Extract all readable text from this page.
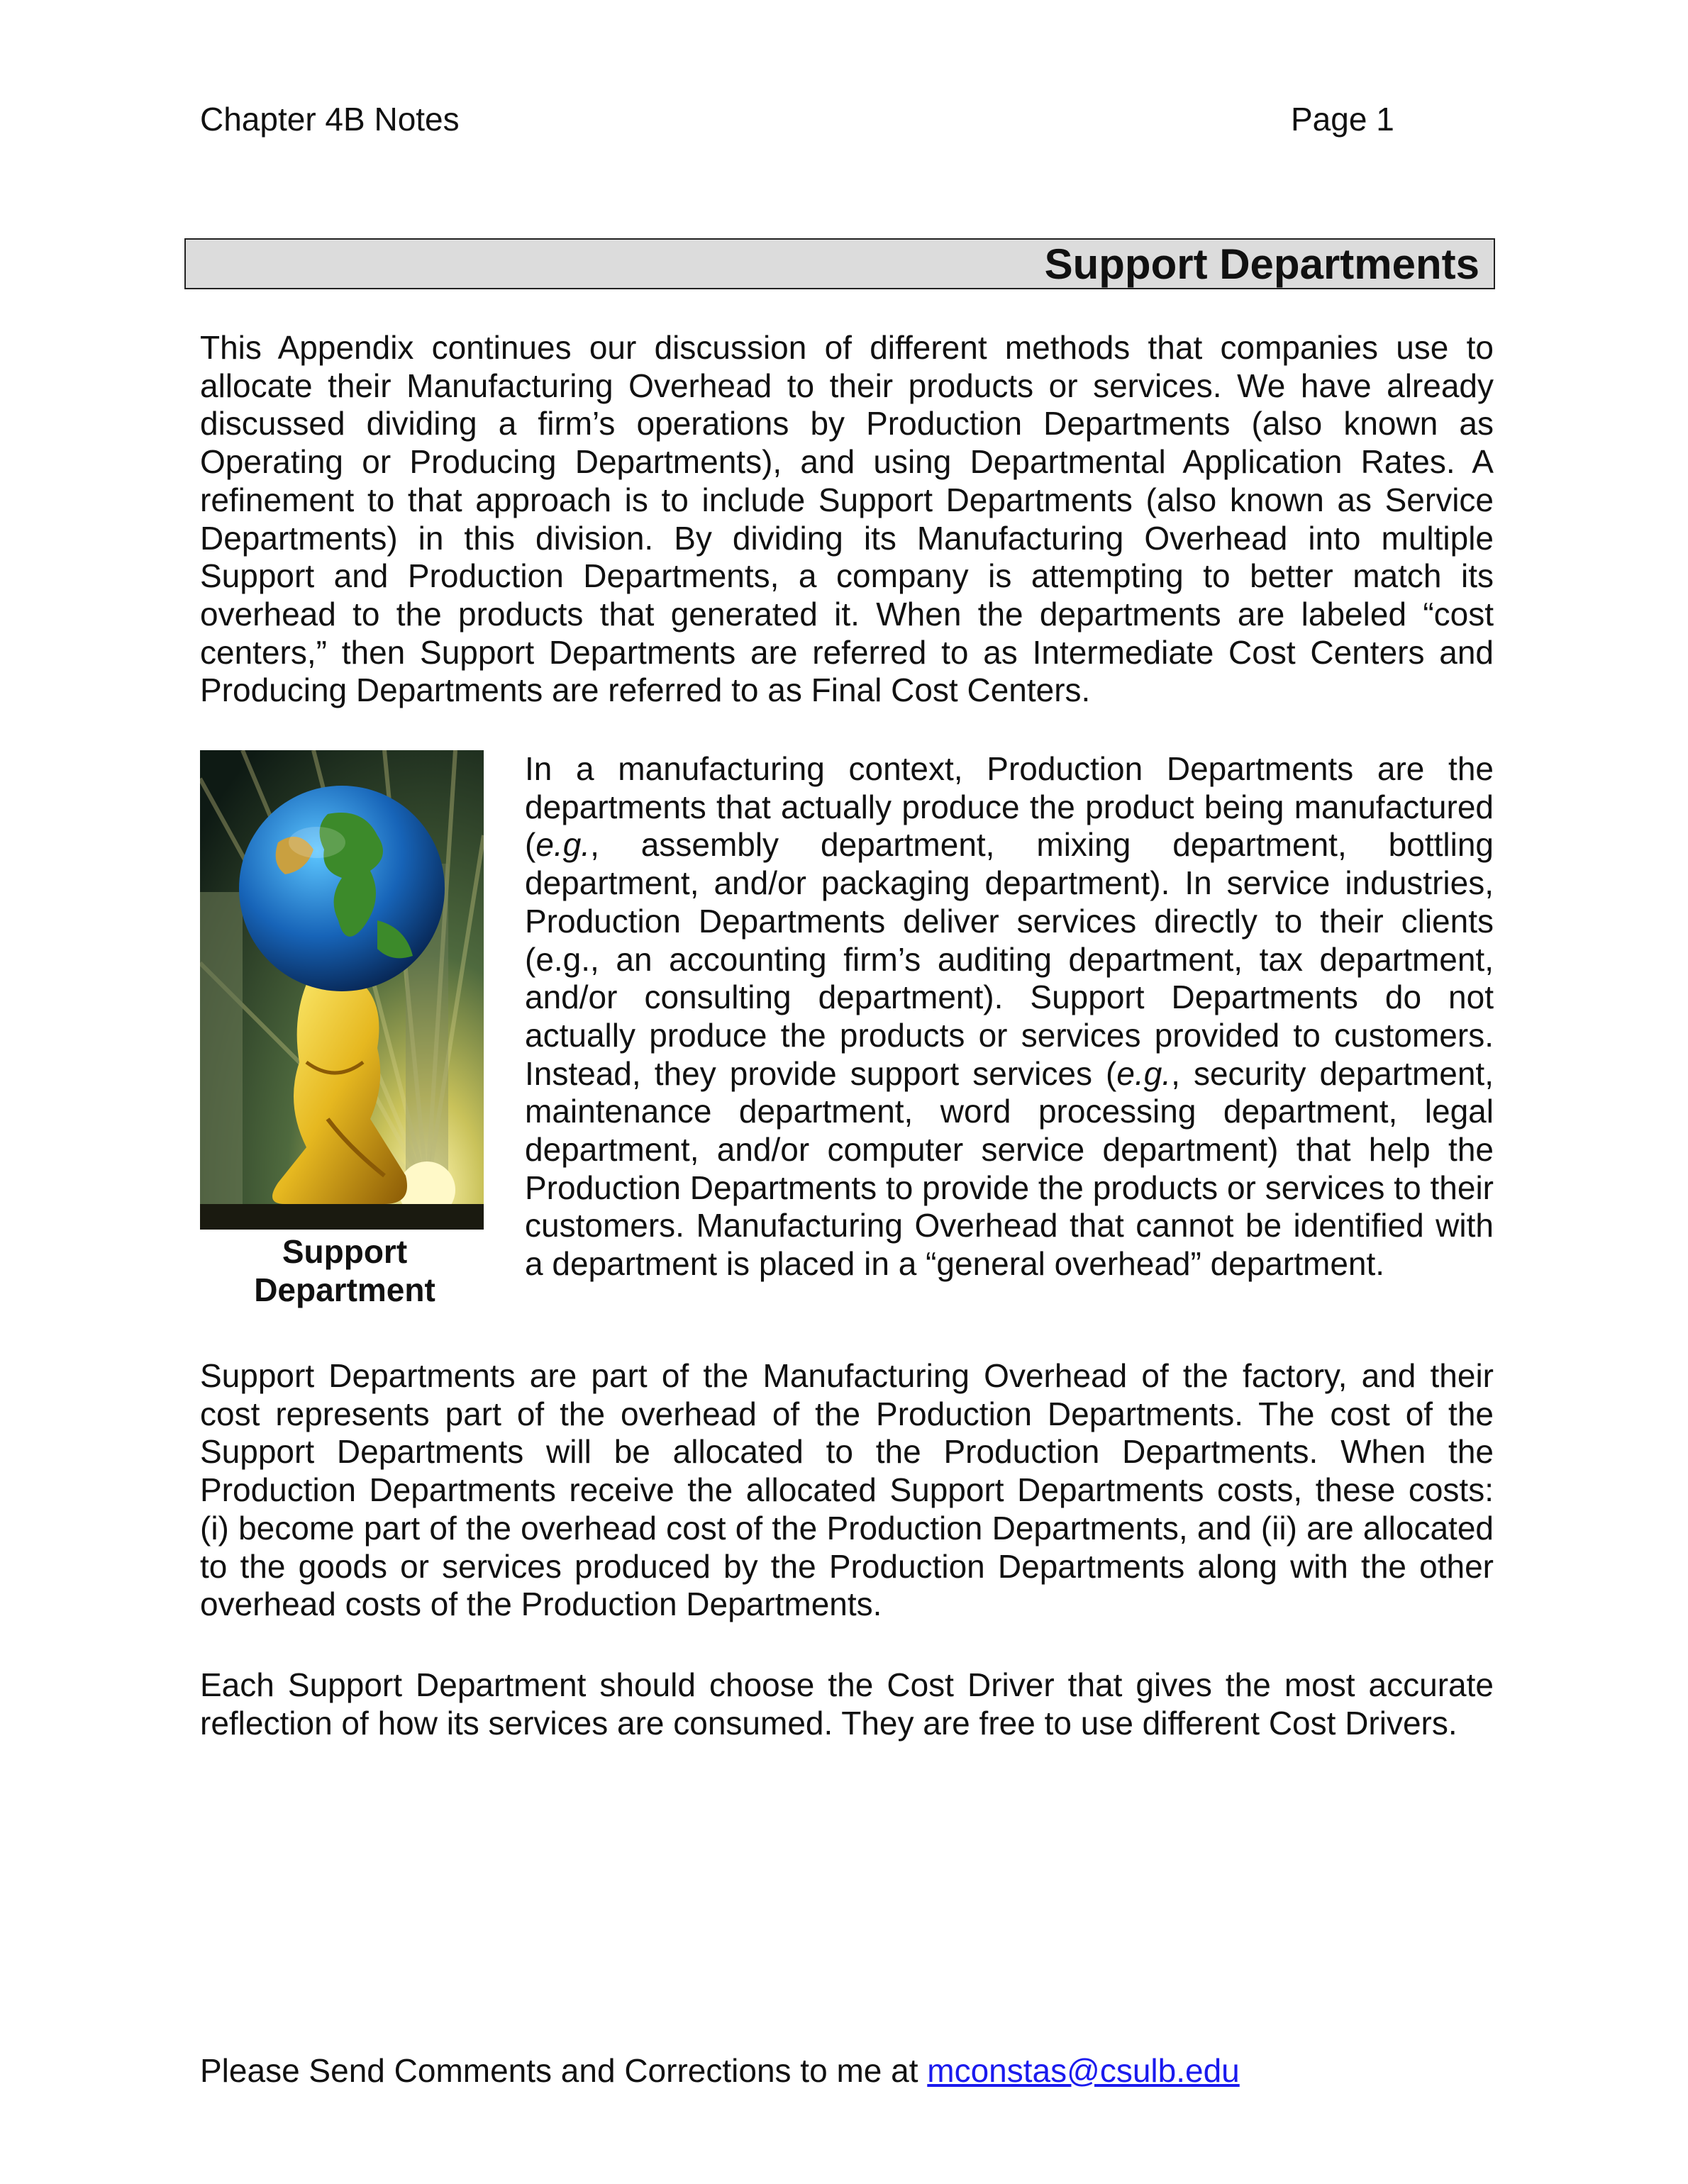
Chapter 4B Notes	Page 1
Support Departments

This Appendix continues our discussion of different methods that companies use to allocate their Manufacturing Overhead to their products or services. We have already discussed dividing a firm’s operations by Production Departments (also known as Operating or Producing Departments), and using Departmental Application Rates. A refinement to that approach is to include Support Departments (also known as Service Departments) in this division. By dividing its Manufacturing Overhead into multiple Support and Production Departments, a company is attempting to better match its overhead to the products that generated it. When the departments are labeled “cost centers,” then Support Departments are referred to as Intermediate Cost Centers and Producing Departments are referred to as Final Cost Centers.

Support
Department

In a manufacturing context, Production Departments are the departments that actually produce the product being manufactured (e.g., assembly department, mixing department, bottling department, and/or packaging department). In service industries, Production Departments deliver services directly to their clients (e.g., an accounting firm’s auditing department, tax department, and/or consulting department). Support Departments do not actually produce the products or services provided to customers. Instead, they provide support services (e.g., security department, maintenance department, word processing department, legal department, and/or computer service department) that help the Production Departments to provide the products or services to their customers. Manufacturing Overhead that cannot be identified with a department is placed in a “general overhead” department.

Support Departments are part of the Manufacturing Overhead of the factory, and their cost represents part of the overhead of the Production Departments. The cost of the Support Departments will be allocated to the Production Departments. When the Production Departments receive the allocated Support Departments costs, these costs: (i) become part of the overhead cost of the Production Departments, and (ii) are allocated to the goods or services produced by the Production Departments along with the other overhead costs of the Production Departments.

Each Support Department should choose the Cost Driver that gives the most accurate reflection of how its services are consumed. They are free to use different Cost Drivers.

Please Send Comments and Corrections to me at mconstas@csulb.edu
